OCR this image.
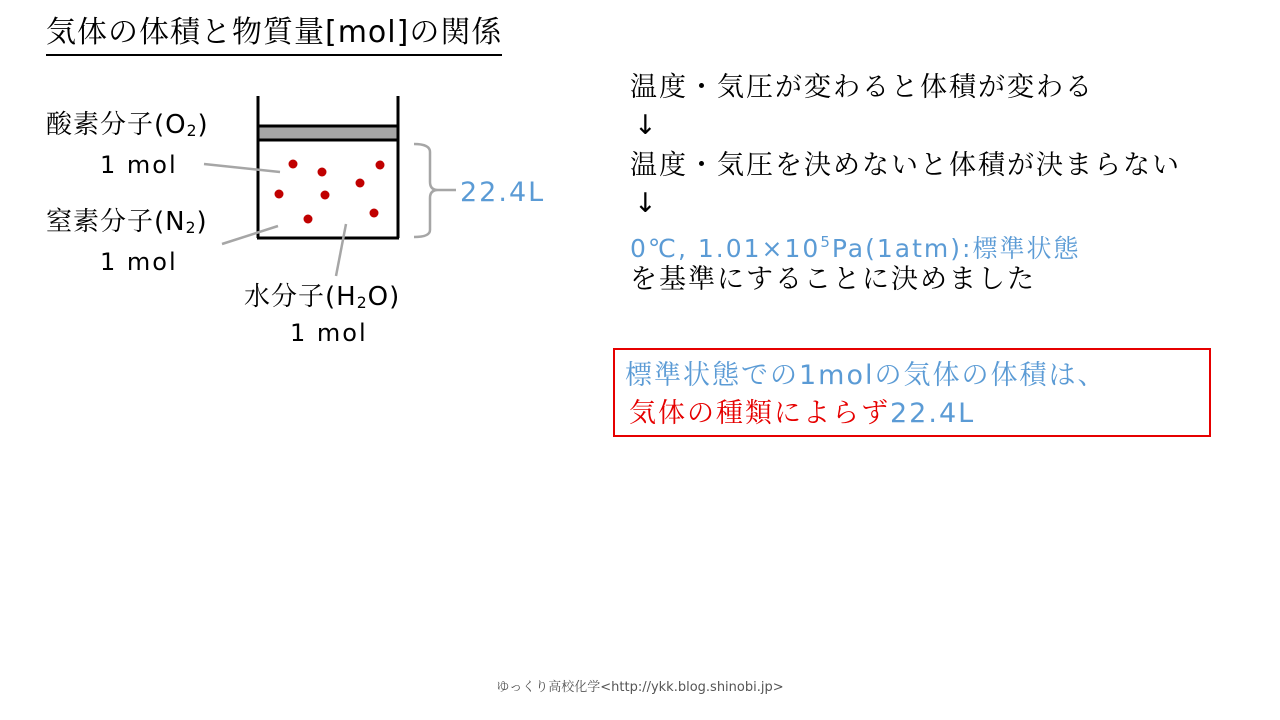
気体の体積と物質量[mol]の関係
酸素分子$(O_2)$
1 mol
窒素分子$(N_2)$
1 mol
水分子$(H_2O)$
1 mol
22.4L
温度・気圧が変わると体積が変わる
↓
温度・気圧を決めないと体積が決まらない
↓
0℃, $1.01\times 10^5Pa(1atm)$:標準状態
を基準にすることに決めました
標準状態での1molの気体の体積は、
気体の種類によらず22.4L
ゆっくり高校化学<http://ykk.blog.shinobi.jp>
